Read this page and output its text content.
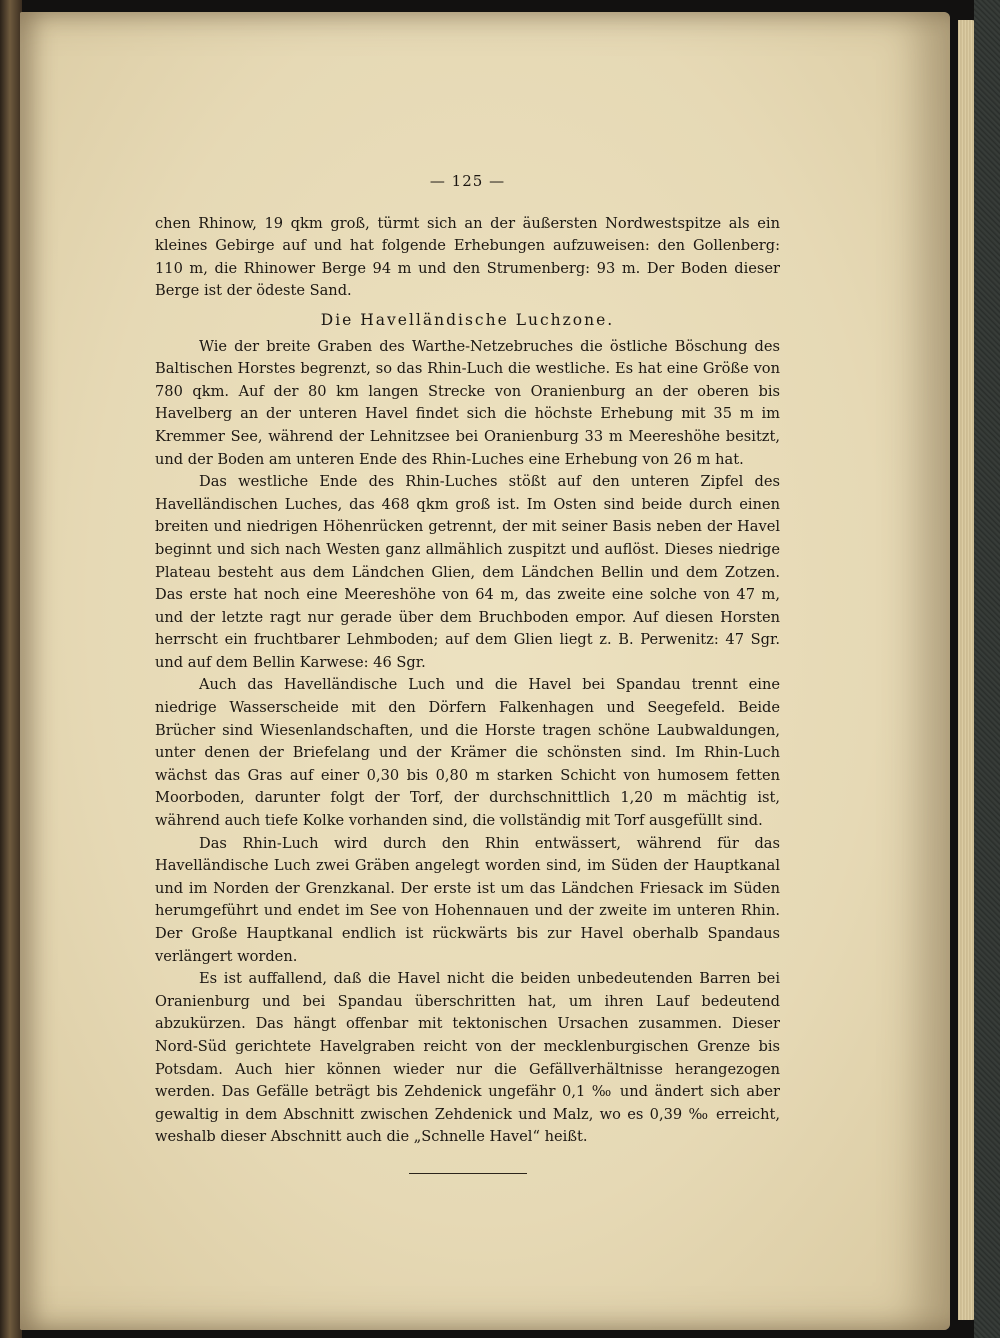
— 125 —

chen Rhinow, 19 qkm groß, türmt sich an der äußersten Nordwestspitze als ein kleines Gebirge auf und hat folgende Erhebungen aufzuweisen: den Gollenberg: 110 m, die Rhinower Berge 94 m und den Strumenberg: 93 m. Der Boden dieser Berge ist der ödeste Sand.

Die Havelländische Luchzone.

Wie der breite Graben des Warthe-Netzebruches die östliche Böschung des Baltischen Horstes begrenzt, so das Rhin-Luch die westliche. Es hat eine Größe von 780 qkm. Auf der 80 km langen Strecke von Oranienburg an der oberen bis Havelberg an der unteren Havel findet sich die höchste Erhebung mit 35 m im Kremmer See, während der Lehnitzsee bei Oranienburg 33 m Meereshöhe besitzt, und der Boden am unteren Ende des Rhin-Luches eine Erhebung von 26 m hat.

Das westliche Ende des Rhin-Luches stößt auf den unteren Zipfel des Havelländischen Luches, das 468 qkm groß ist. Im Osten sind beide durch einen breiten und niedrigen Höhenrücken getrennt, der mit seiner Basis neben der Havel beginnt und sich nach Westen ganz allmählich zuspitzt und auflöst. Dieses niedrige Plateau besteht aus dem Ländchen Glien, dem Ländchen Bellin und dem Zotzen. Das erste hat noch eine Meereshöhe von 64 m, das zweite eine solche von 47 m, und der letzte ragt nur gerade über dem Bruchboden empor. Auf diesen Horsten herrscht ein fruchtbarer Lehmboden; auf dem Glien liegt z. B. Perwenitz: 47 Sgr. und auf dem Bellin Karwese: 46 Sgr.

Auch das Havelländische Luch und die Havel bei Spandau trennt eine niedrige Wasserscheide mit den Dörfern Falkenhagen und Seegefeld. Beide Brücher sind Wiesenlandschaften, und die Horste tragen schöne Laubwaldungen, unter denen der Briefelang und der Krämer die schönsten sind. Im Rhin-Luch wächst das Gras auf einer 0,30 bis 0,80 m starken Schicht von humosem fetten Moorboden, darunter folgt der Torf, der durchschnittlich 1,20 m mächtig ist, während auch tiefe Kolke vorhanden sind, die vollständig mit Torf ausgefüllt sind.

Das Rhin-Luch wird durch den Rhin entwässert, während für das Havelländische Luch zwei Gräben angelegt worden sind, im Süden der Hauptkanal und im Norden der Grenzkanal. Der erste ist um das Ländchen Friesack im Süden herumgeführt und endet im See von Hohennauen und der zweite im unteren Rhin. Der Große Hauptkanal endlich ist rückwärts bis zur Havel oberhalb Spandaus verlängert worden.

Es ist auffallend, daß die Havel nicht die beiden unbedeutenden Barren bei Oranienburg und bei Spandau überschritten hat, um ihren Lauf bedeutend abzukürzen. Das hängt offenbar mit tektonischen Ursachen zusammen. Dieser Nord-Süd gerichtete Havelgraben reicht von der mecklenburgischen Grenze bis Potsdam. Auch hier können wieder nur die Gefällverhältnisse herangezogen werden. Das Gefälle beträgt bis Zehdenick ungefähr 0,1 ‰ und ändert sich aber gewaltig in dem Abschnitt zwischen Zehdenick und Malz, wo es 0,39 ‰ erreicht, weshalb dieser Abschnitt auch die „Schnelle Havel“ heißt.
